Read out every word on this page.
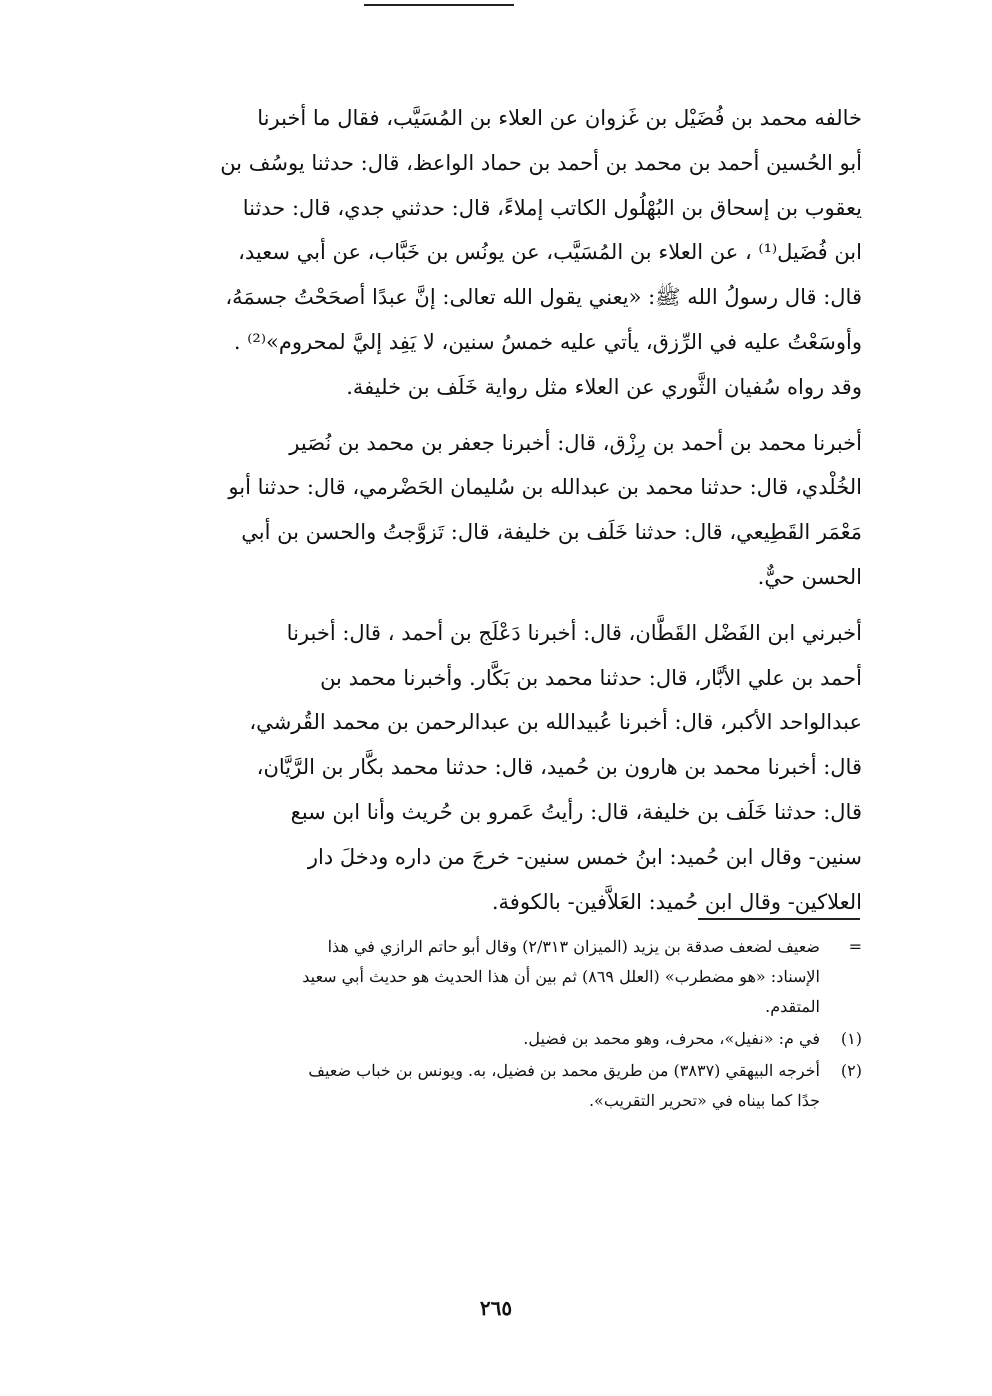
خالفه محمد بن فُضَيْل بن غَزوان عن العلاء بن المُسَيَّب، فقال ما أخبرنا
أبو الحُسين أحمد بن محمد بن أحمد بن حماد الواعظ، قال: حدثنا يوسُف بن
يعقوب بن إسحاق بن البُهْلُول الكاتب إملاءً، قال: حدثني جدي، قال: حدثنا
ابن فُضَيل⁽¹⁾ ، عن العلاء بن المُسَيَّب، عن يونُس بن خَبَّاب، عن أبي سعيد،
قال: قال رسولُ الله ﷺ: «يعني يقول الله تعالى: إنَّ عبدًا أصحَحْتُ جسمَهُ،
وأوسَعْتُ عليه في الرِّزق، يأتي عليه خمسُ سنين، لا يَفِد إليَّ لمحروم»⁽²⁾ .
وقد رواه سُفيان الثَّوري عن العلاء مثل رواية خَلَف بن خليفة.

أخبرنا محمد بن أحمد بن رِزْق، قال: أخبرنا جعفر بن محمد بن نُصَير
الخُلْدي، قال: حدثنا محمد بن عبدالله بن سُليمان الحَضْرمي، قال: حدثنا أبو
مَعْمَر القَطِيعي، قال: حدثنا خَلَف بن خليفة، قال: تَزوَّجتُ والحسن بن أبي
الحسن حيٌّ.

أخبرني ابن الفَضْل القَطَّان، قال: أخبرنا دَعْلَج بن أحمد ، قال: أخبرنا
أحمد بن علي الأبَّار، قال: حدثنا محمد بن بَكَّار. وأخبرنا محمد بن
عبدالواحد الأكبر، قال: أخبرنا عُبيدالله بن عبدالرحمن بن محمد القُرشي،
قال: أخبرنا محمد بن هارون بن حُميد، قال: حدثنا محمد بكَّار بن الرَّيَّان،
قال: حدثنا خَلَف بن خليفة، قال: رأيتُ عَمرو بن حُريث وأنا ابن سبع
سنين- وقال ابن حُميد: ابنُ خمس سنين- خرجَ من داره ودخلَ دار
العلاكين- وقال ابن حُميد: العَلاَّفين- بالكوفة.

=
ضعيف لضعف صدقة بن يزيد (الميزان ٢/٣١٣) وقال أبو حاتم الرازي في هذا
الإسناد: «هو مضطرب» (العلل ٨٦٩) ثم بين أن هذا الحديث هو حديث أبي سعيد
المتقدم.
(١)
في م: «نفيل»، محرف، وهو محمد بن فضيل.
(٢)
أخرجه البيهقي (٣٨٣٧) من طريق محمد بن فضيل، به. ويونس بن خباب ضعيف
جدًا كما بيناه في «تحرير التقريب».
٢٦٥
